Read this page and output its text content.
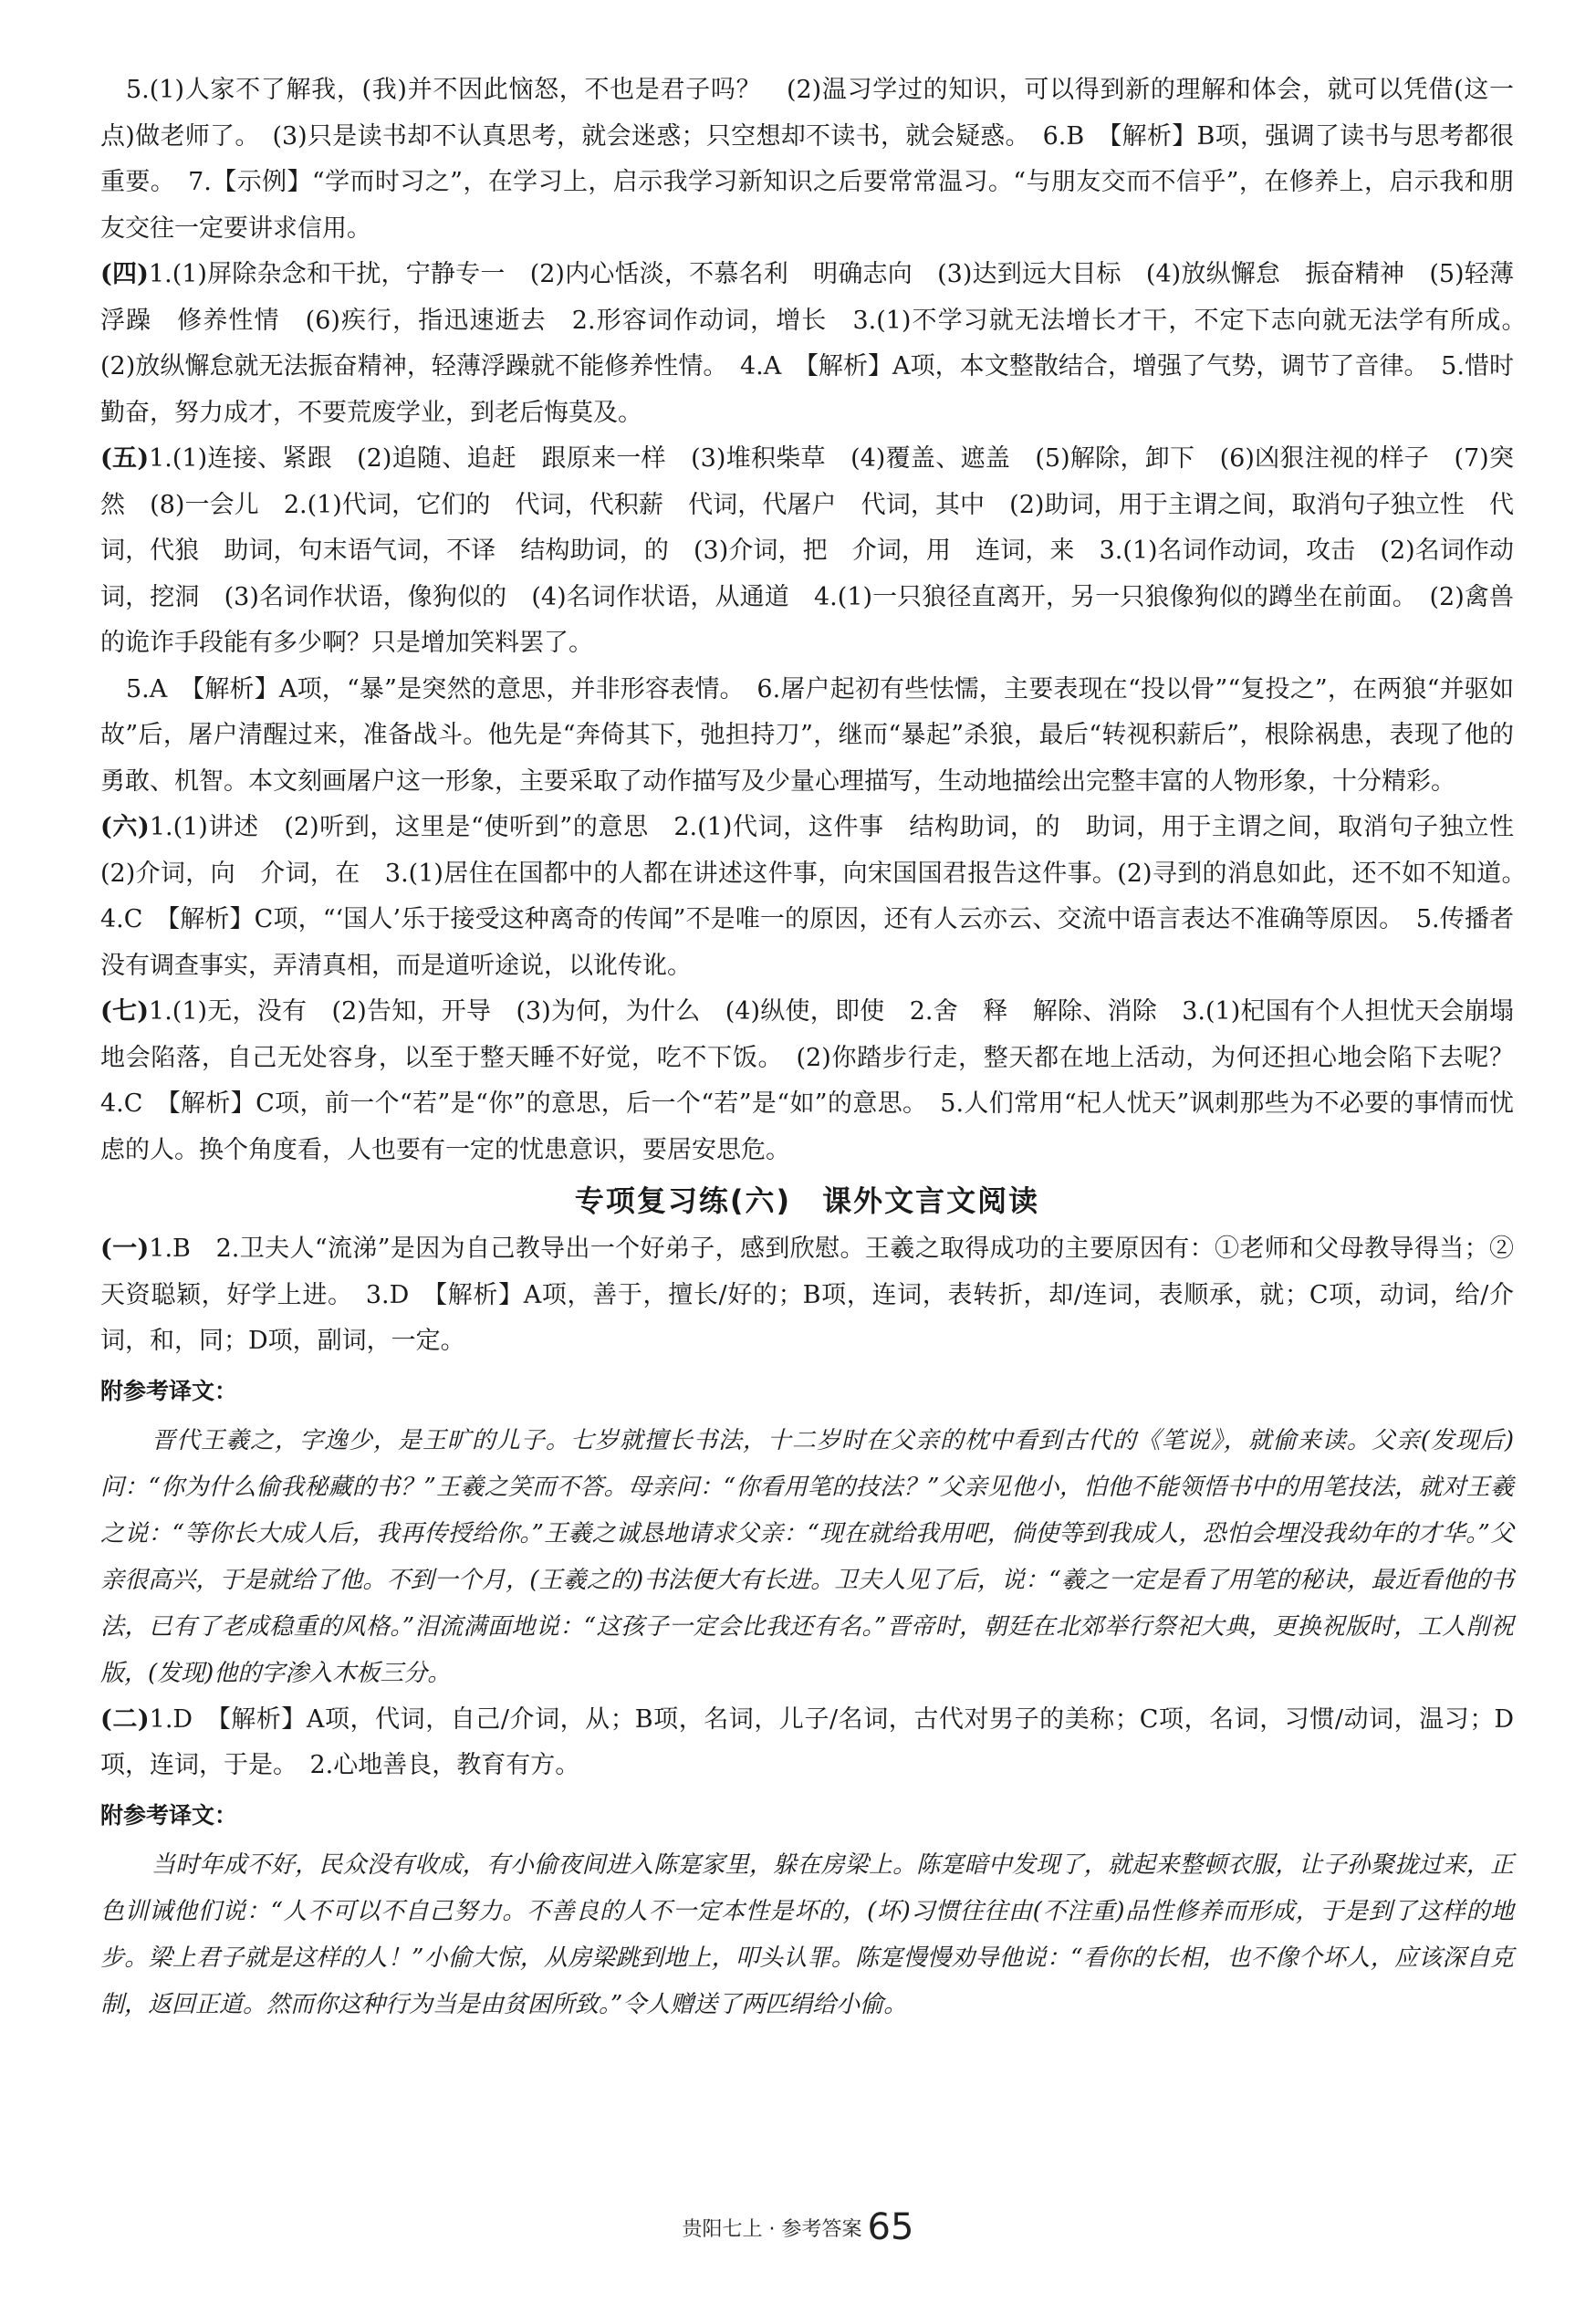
5.(1)人家不了解我，(我)并不因此恼怒，不也是君子吗？　(2)温习学过的知识，可以得到新的理解和体会，就可以凭借(这一点)做老师了。　(3)只是读书却不认真思考，就会迷惑；只空想却不读书，就会疑惑。　6.B　【解析】B项，强调了读书与思考都很重要。　7.【示例】“学而时习之”，在学习上，启示我学习新知识之后要常常温习。“与朋友交而不信乎”，在修养上，启示我和朋友交往一定要讲求信用。

(四)1.(1)屏除杂念和干扰，宁静专一　(2)内心恬淡，不慕名利　明确志向　(3)达到远大目标　(4)放纵懈怠　振奋精神　(5)轻薄浮躁　修养性情　(6)疾行，指迅速逝去　2.形容词作动词，增长　3.(1)不学习就无法增长才干，不定下志向就无法学有所成。　(2)放纵懈怠就无法振奋精神，轻薄浮躁就不能修养性情。　4.A　【解析】A项，本文整散结合，增强了气势，调节了音律。　5.惜时勤奋，努力成才，不要荒废学业，到老后悔莫及。

(五)1.(1)连接、紧跟　(2)追随、追赶　跟原来一样　(3)堆积柴草　(4)覆盖、遮盖　(5)解除，卸下　(6)凶狠注视的样子　(7)突然　(8)一会儿　2.(1)代词，它们的　代词，代积薪　代词，代屠户　代词，其中　(2)助词，用于主谓之间，取消句子独立性　代词，代狼　助词，句末语气词，不译　结构助词，的　(3)介词，把　介词，用　连词，来　3.(1)名词作动词，攻击　(2)名词作动词，挖洞　(3)名词作状语，像狗似的　(4)名词作状语，从通道　4.(1)一只狼径直离开，另一只狼像狗似的蹲坐在前面。　(2)禽兽的诡诈手段能有多少啊？只是增加笑料罢了。

5.A　【解析】A项，“暴”是突然的意思，并非形容表情。　6.屠户起初有些怯懦，主要表现在“投以骨”“复投之”，在两狼“并驱如故”后，屠户清醒过来，准备战斗。他先是“奔倚其下，弛担持刀”，继而“暴起”杀狼，最后“转视积薪后”，根除祸患，表现了他的勇敢、机智。本文刻画屠户这一形象，主要采取了动作描写及少量心理描写，生动地描绘出完整丰富的人物形象，十分精彩。

(六)1.(1)讲述　(2)听到，这里是“使听到”的意思　2.(1)代词，这件事　结构助词，的　助词，用于主谓之间，取消句子独立性　(2)介词，向　介词，在　3.(1)居住在国都中的人都在讲述这件事，向宋国国君报告这件事。(2)寻到的消息如此，还不如不知道。　4.C　【解析】C项，“‘国人’乐于接受这种离奇的传闻”不是唯一的原因，还有人云亦云、交流中语言表达不准确等原因。　5.传播者没有调查事实，弄清真相，而是道听途说，以讹传讹。

(七)1.(1)无，没有　(2)告知，开导　(3)为何，为什么　(4)纵使，即使　2.舍　释　解除、消除　3.(1)杞国有个人担忧天会崩塌地会陷落，自己无处容身，以至于整天睡不好觉，吃不下饭。　(2)你踏步行走，整天都在地上活动，为何还担心地会陷下去呢？　4.C　【解析】C项，前一个“若”是“你”的意思，后一个“若”是“如”的意思。　5.人们常用“杞人忧天”讽刺那些为不必要的事情而忧虑的人。换个角度看，人也要有一定的忧患意识，要居安思危。

专项复习练(六)　课外文言文阅读

(一)1.B　2.卫夫人“流涕”是因为自己教导出一个好弟子，感到欣慰。王羲之取得成功的主要原因有：①老师和父母教导得当；②天资聪颖，好学上进。　3.D　【解析】A项，善于，擅长/好的；B项，连词，表转折，却/连词，表顺承，就；C项，动词，给/介词，和，同；D项，副词，一定。

附参考译文：

晋代王羲之，字逸少，是王旷的儿子。七岁就擅长书法，十二岁时在父亲的枕中看到古代的《笔说》，就偷来读。父亲(发现后)问：“你为什么偷我秘藏的书？”王羲之笑而不答。母亲问：“你看用笔的技法？”父亲见他小，怕他不能领悟书中的用笔技法，就对王羲之说：“等你长大成人后，我再传授给你。”王羲之诚恳地请求父亲：“现在就给我用吧，倘使等到我成人，恐怕会埋没我幼年的才华。”父亲很高兴，于是就给了他。不到一个月，(王羲之的)书法便大有长进。卫夫人见了后，说：“羲之一定是看了用笔的秘诀，最近看他的书法，已有了老成稳重的风格。”泪流满面地说：“这孩子一定会比我还有名。”晋帝时，朝廷在北郊举行祭祀大典，更换祝版时，工人削祝版，(发现)他的字渗入木板三分。

(二)1.D　【解析】A项，代词，自己/介词，从；B项，名词，儿子/名词，古代对男子的美称；C项，名词，习惯/动词，温习；D项，连词，于是。　2.心地善良，教育有方。

附参考译文：

当时年成不好，民众没有收成，有小偷夜间进入陈寔家里，躲在房梁上。陈寔暗中发现了，就起来整顿衣服，让子孙聚拢过来，正色训诫他们说：“人不可以不自己努力。不善良的人不一定本性是坏的，(坏)习惯往往由(不注重)品性修养而形成，于是到了这样的地步。梁上君子就是这样的人！”小偷大惊，从房梁跳到地上，叩头认罪。陈寔慢慢劝导他说：“看你的长相，也不像个坏人，应该深自克制，返回正道。然而你这种行为当是由贫困所致。”令人赠送了两匹绢给小偷。

贵阳七上 · 参考答案 65
